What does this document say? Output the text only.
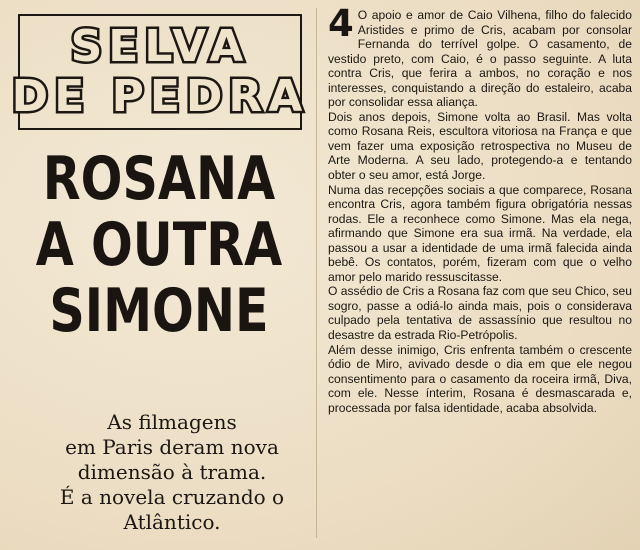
SELVA
DE PEDRA
ROSANA
A OUTRA
SIMONE
As filmagens
em Paris deram nova
dimensão à trama.
É a novela cruzando o
Atlântico.
4 O apoio e amor de Caio Vilhena, filho do falecido Aristides e primo de Cris, acabam por consolar Fernanda do terrível golpe. O casamento, de vestido preto, com Caio, é o passo seguinte. A luta contra Cris, que ferira a ambos, no coração e nos interesses, conquistando a direção do estaleiro, acaba por consolidar essa aliança.

Dois anos depois, Simone volta ao Brasil. Mas volta como Rosana Reis, escultora vitoriosa na França e que vem fazer uma exposição retrospectiva no Museu de Arte Moderna. A seu lado, protegendo-a e tentando obter o seu amor, está Jorge.

Numa das recepções sociais a que comparece, Rosana encontra Cris, agora também figura obrigatória nessas rodas. Ele a reconhece como Simone. Mas ela nega, afirmando que Simone era sua irmã. Na verdade, ela passou a usar a identidade de uma irmã falecida ainda bebê. Os contatos, porém, fizeram com que o velho amor pelo marido ressuscitasse.

O assédio de Cris a Rosana faz com que seu Chico, seu sogro, passe a odiá-lo ainda mais, pois o considerava culpado pela tentativa de assassínio que resultou no desastre da estrada Rio-Petrópolis.

Além desse inimigo, Cris enfrenta também o crescente ódio de Miro, avivado desde o dia em que ele negou consentimento para o casamento da roceira irmã, Diva, com ele. Nesse ínterim, Rosana é desmascarada e, processada por falsa identidade, acaba absolvida.
